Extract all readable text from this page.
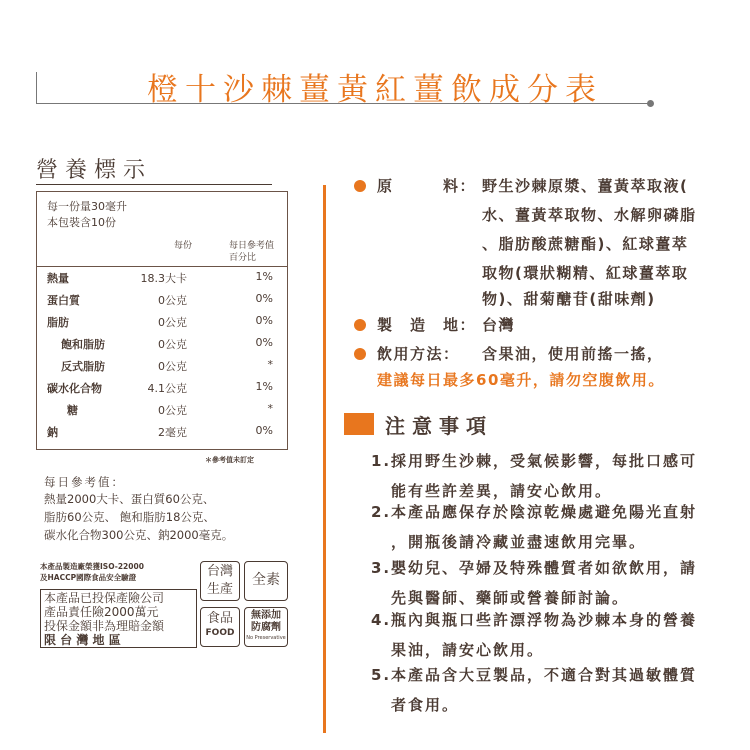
橙十沙棘薑黃紅薑飲成分表
營養標示
每一份量30毫升
本包裝含10份
每份	每日參考值
百分比
熱量	18.3大卡	1%
蛋白質	0公克	0%
脂肪	0公克	0%
飽和脂肪	0公克	0%
反式脂肪	0公克	*
碳水化合物	4.1公克	1%
糖	0公克	*
鈉	2毫克	0%
＊參考值未訂定
每日參考值：
熱量2000大卡、蛋白質60公克、
脂肪60公克、 飽和脂肪18公克、
碳水化合物300公克、鈉2000毫克。
本產品製造廠榮獲ISO-22000
及HACCP國際食品安全驗證
本產品已投保產險公司
產品責任險2000萬元
投保金額非為理賠金額
限 台 灣 地 區
台灣
生產
全素
食品
FOOD
無添加
防腐劑
No Preservative
原　　　料： 野生沙棘原漿、薑黃萃取液(
水、薑黃萃取物、水解卵磷脂
、脂肪酸蔗糖酯)、紅球薑萃
取物(環狀糊精、紅球薑萃取
物)、甜菊醣苷(甜味劑)
製　造　地： 台灣
飲用方法： 含果油，使用前搖一搖，
建議每日最多60毫升，請勿空腹飲用。
注意事項
1.採用野生沙棘，受氣候影響，每批口感可
能有些許差異，請安心飲用。
2.本產品應保存於陰涼乾燥處避免陽光直射
，開瓶後請冷藏並盡速飲用完畢。
3.嬰幼兒、孕婦及特殊體質者如欲飲用，請
先與醫師、藥師或營養師討論。
4.瓶內與瓶口些許漂浮物為沙棘本身的營養
果油，請安心飲用。
5.本產品含大豆製品，不適合對其過敏體質
者食用。
